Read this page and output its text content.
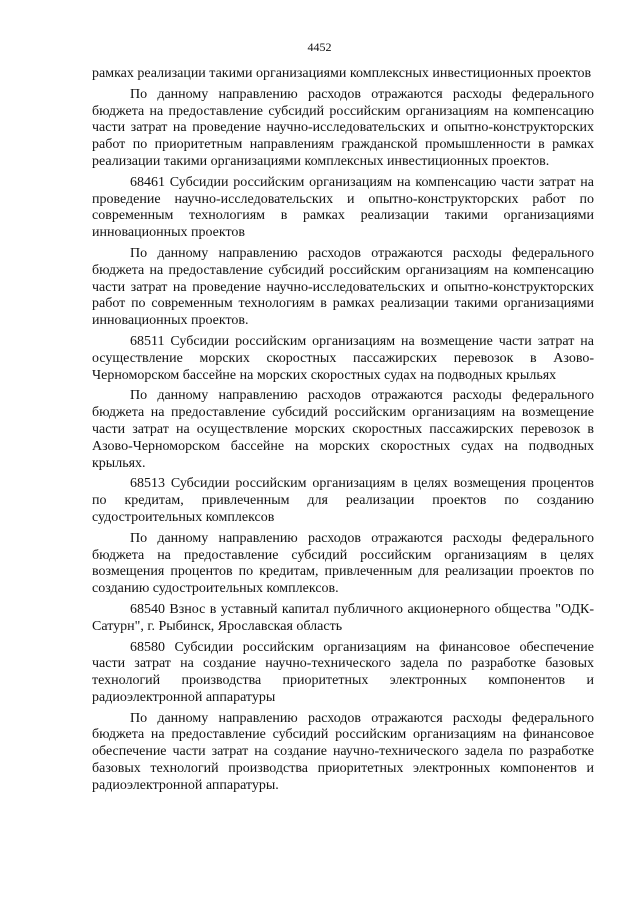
4452

рамках реализации такими организациями комплексных инвестиционных проектов

По данному направлению расходов отражаются расходы федерального бюджета на предоставление субсидий российским организациям на компенсацию части затрат на проведение научно-исследовательских и опытно-конструкторских работ по приоритетным направлениям гражданской промышленности в рамках реализации такими организациями комплексных инвестиционных проектов.

68461 Субсидии российским организациям на компенсацию части затрат на проведение научно-исследовательских и опытно-конструкторских работ по современным технологиям в рамках реализации такими организациями инновационных проектов

По данному направлению расходов отражаются расходы федерального бюджета на предоставление субсидий российским организациям на компенсацию части затрат на проведение научно-исследовательских и опытно-конструкторских работ по современным технологиям в рамках реализации такими организациями инновационных проектов.

68511 Субсидии российским организациям на возмещение части затрат на осуществление морских скоростных пассажирских перевозок в Азово-Черноморском бассейне на морских скоростных судах на подводных крыльях

По данному направлению расходов отражаются расходы федерального бюджета на предоставление субсидий российским организациям на возмещение части затрат на осуществление морских скоростных пассажирских перевозок в Азово-Черноморском бассейне на морских скоростных судах на подводных крыльях.

68513 Субсидии российским организациям в целях возмещения процентов по кредитам, привлеченным для реализации проектов по созданию судостроительных комплексов

По данному направлению расходов отражаются расходы федерального бюджета на предоставление субсидий российским организациям в целях возмещения процентов по кредитам, привлеченным для реализации проектов по созданию судостроительных комплексов.

68540 Взнос в уставный капитал публичного акционерного общества "ОДК-Сатурн", г. Рыбинск, Ярославская область

68580 Субсидии российским организациям на финансовое обеспечение части затрат на создание научно-технического задела по разработке базовых технологий производства приоритетных электронных компонентов и радиоэлектронной аппаратуры

По данному направлению расходов отражаются расходы федерального бюджета на предоставление субсидий российским организациям на финансовое обеспечение части затрат на создание научно-технического задела по разработке базовых технологий производства приоритетных электронных компонентов и радиоэлектронной аппаратуры.
